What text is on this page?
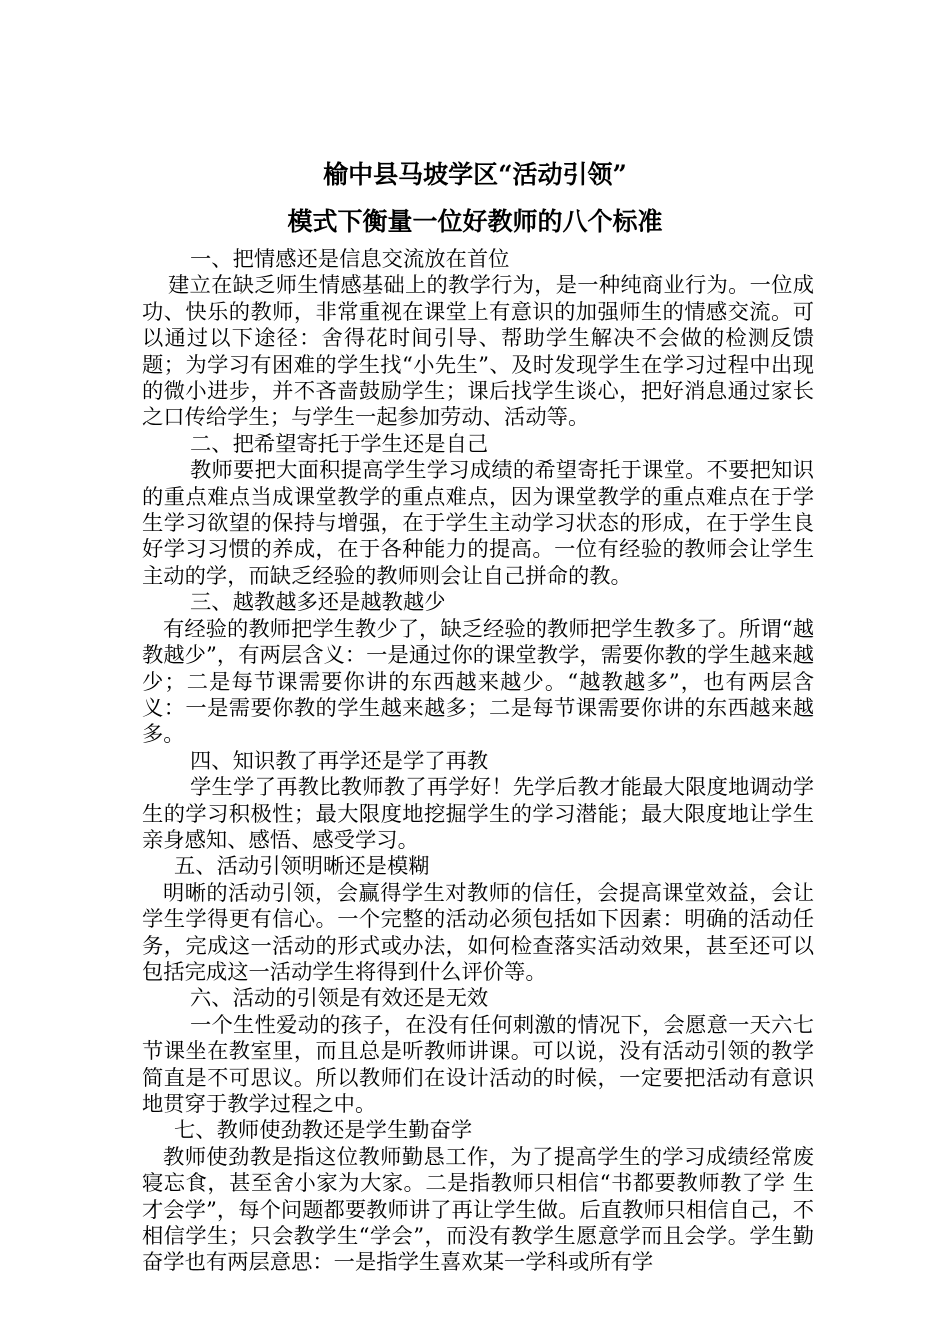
榆中县马坡学区“活动引领”
模式下衡量一位好教师的八个标准

一、把情感还是信息交流放在首位

建立在缺乏师生情感基础上的教学行为，是一种纯商业行为。一位成功、快乐的教师，非常重视在课堂上有意识的加强师生的情感交流。可以通过以下途径：舍得花时间引导、帮助学生解决不会做的检测反馈题；为学习有困难的学生找“小先生”、及时发现学生在学习过程中出现的微小进步，并不吝啬鼓励学生；课后找学生谈心，把好消息通过家长之口传给学生；与学生一起参加劳动、活动等。

二、把希望寄托于学生还是自己

教师要把大面积提高学生学习成绩的希望寄托于课堂。不要把知识的重点难点当成课堂教学的重点难点，因为课堂教学的重点难点在于学生学习欲望的保持与增强，在于学生主动学习状态的形成，在于学生良好学习习惯的养成，在于各种能力的提高。一位有经验的教师会让学生主动的学，而缺乏经验的教师则会让自己拼命的教。

三、越教越多还是越教越少

有经验的教师把学生教少了，缺乏经验的教师把学生教多了。所谓“越教越少”，有两层含义：一是通过你的课堂教学，需要你教的学生越来越少；二是每节课需要你讲的东西越来越少。“越教越多”，也有两层含义：一是需要你教的学生越来越多；二是每节课需要你讲的东西越来越多。

四、知识教了再学还是学了再教

学生学了再教比教师教了再学好！先学后教才能最大限度地调动学生的学习积极性；最大限度地挖掘学生的学习潜能；最大限度地让学生亲身感知、感悟、感受学习。

五、活动引领明晰还是模糊

明晰的活动引领，会赢得学生对教师的信任，会提高课堂效益，会让学生学得更有信心。一个完整的活动必须包括如下因素：明确的活动任务，完成这一活动的形式或办法，如何检查落实活动效果，甚至还可以包括完成这一活动学生将得到什么评价等。

六、活动的引领是有效还是无效

一个生性爱动的孩子，在没有任何刺激的情况下，会愿意一天六七节课坐在教室里，而且总是听教师讲课。可以说，没有活动引领的教学简直是不可思议。所以教师们在设计活动的时候，一定要把活动有意识地贯穿于教学过程之中。

七、教师使劲教还是学生勤奋学

教师使劲教是指这位教师勤恳工作，为了提高学生的学习成绩经常废寝忘食，甚至舍小家为大家。二是指教师只相信“书都要教师教了学 生才会学”，每个问题都要教师讲了再让学生做。后直教师只相信自己，不相信学生；只会教学生“学会”，而没有教学生愿意学而且会学。学生勤奋学也有两层意思：一是指学生喜欢某一学科或所有学
